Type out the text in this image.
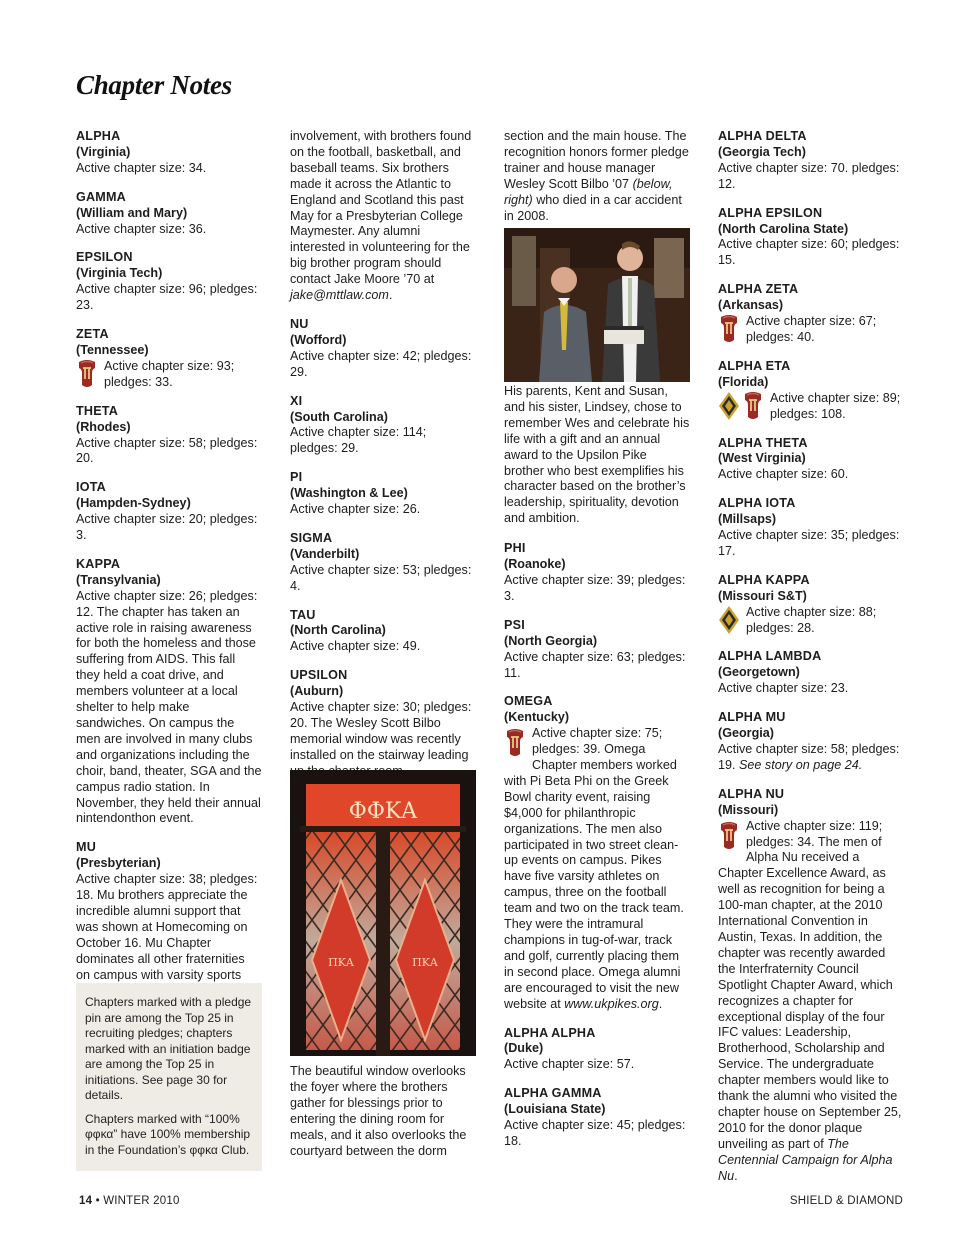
Chapter Notes
ALPHA
(Virginia)

Active chapter size: 34.

GAMMA
(William and Mary)

Active chapter size: 36.

EPSILON
(Virginia Tech)

Active chapter size: 96; pledges: 23.

ZETA
(Tennessee)

Active chapter size: 93; pledges: 33.

THETA
(Rhodes)

Active chapter size: 58; pledges: 20.

IOTA
(Hampden-Sydney)

Active chapter size: 20; pledges: 3.

KAPPA
(Transylvania)

Active chapter size: 26; pledges: 12. The chapter has taken an active role in raising awareness for both the homeless and those suffering from AIDS. This fall they held a coat drive, and members volunteer at a local shelter to help make sandwiches. On campus the men are involved in many clubs and organizations including the choir, band, theater, SGA and the campus radio station. In November, they held their annual nintendonthon event.

MU
(Presbyterian)

Active chapter size: 38; pledges: 18. Mu brothers appreciate the incredible alumni support that was shown at Homecoming on October 16. Mu Chapter dominates all other fraternities on campus with varsity sports

Chapters marked with a pledge pin are among the Top 25 in recruiting pledges; chapters marked with an initiation badge are among the Top 25 in initiations. See page 30 for details.

Chapters marked with “100% φφκα” have 100% membership in the Foundation’s φφκα Club.

involvement, with brothers found on the football, basketball, and baseball teams. Six brothers made it across the Atlantic to England and Scotland this past May for a Presbyterian College Maymester. Any alumni interested in volunteering for the big brother program should contact Jake Moore ’70 at jake@mttlaw.com.

NU
(Wofford)

Active chapter size: 42; pledges: 29.

XI
(South Carolina)

Active chapter size: 114; pledges: 29.

PI
(Washington & Lee)

Active chapter size: 26.

SIGMA
(Vanderbilt)

Active chapter size: 53; pledges: 4.

TAU
(North Carolina)

Active chapter size: 49.

UPSILON
(Auburn)

Active chapter size: 30; pledges: 20. The Wesley Scott Bilbo memorial window was recently installed on the stairway leading

ΦΦΚΑ
ΠΚΑ	ΠΚΑ

The beautiful window overlooks the foyer where the brothers gather for blessings prior to entering the dining room for meals, and it also overlooks the courtyard between the dorm

section and the main house. The recognition honors former pledge trainer and house manager Wesley Scott Bilbo ’07 (below, right) who died in a car accident in 2008.

His parents, Kent and Susan, and his sister, Lindsey, chose to remember Wes and celebrate his life with a gift and an annual award to the Upsilon Pike brother who best exemplifies his character based on the brother’s leadership, spirituality, devotion and ambition.

PHI
(Roanoke)

Active chapter size: 39; pledges: 3.

PSI
(North Georgia)

Active chapter size: 63; pledges: 11.

OMEGA
(Kentucky)

Active chapter size: 75; pledges: 39. Omega Chapter members worked with Pi Beta Phi on the Greek Bowl charity event, raising $4,000 for philanthropic organizations. The men also participated in two street clean-up events on campus. Pikes have five varsity athletes on campus, three on the football team and two on the track team. They were the intramural champions in tug-of-war, track and golf, currently placing them in second place. Omega alumni are encouraged to visit the new website at www.ukpikes.org.

ALPHA ALPHA
(Duke)

Active chapter size: 57.

ALPHA GAMMA
(Louisiana State)

Active chapter size: 45; pledges: 18.

ALPHA DELTA
(Georgia Tech)

Active chapter size: 70. pledges: 12.

ALPHA EPSILON
(North Carolina State)

Active chapter size: 60; pledges: 15.

ALPHA ZETA
(Arkansas)

Active chapter size: 67; pledges: 40.

ALPHA ETA
(Florida)

Active chapter size: 89; pledges: 108.

ALPHA THETA
(West Virginia)

Active chapter size: 60.

ALPHA IOTA
(Millsaps)

Active chapter size: 35; pledges: 17.

ALPHA KAPPA
(Missouri S&T)

Active chapter size: 88; pledges: 28.

ALPHA LAMBDA
(Georgetown)

Active chapter size: 23.

ALPHA MU
(Georgia)

Active chapter size: 58; pledges: 19. See story on page 24.

ALPHA NU
(Missouri)

Active chapter size: 119; pledges: 34. The men of Alpha Nu received a Chapter Excellence Award, as well as recognition for being a 100-man chapter, at the 2010 International Convention in Austin, Texas. In addition, the chapter was recently awarded the Interfraternity Council Spotlight Chapter Award, which recognizes a chapter for exceptional display of the four IFC values: Leadership, Brotherhood, Scholarship and Service. The undergraduate chapter members would like to thank the alumni who visited the chapter house on September 25, 2010 for the donor plaque unveiling as part of The Centennial Campaign for Alpha Nu.

14 • WINTER 2010	SHIELD & DIAMOND
